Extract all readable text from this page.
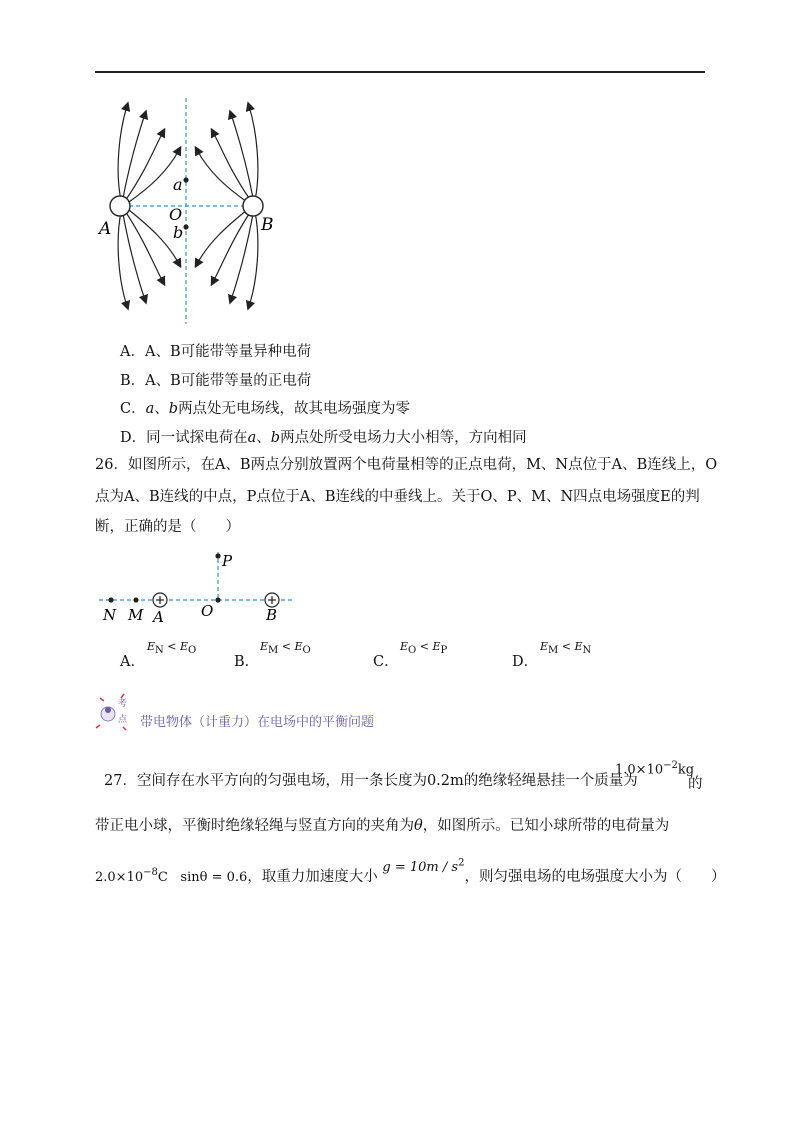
a
O
b
A	B
A．A、B可能带等量异种电荷
B．A、B可能带等量的正电荷
C．a、b两点处无电场线，故其电场强度为零
D．同一试探电荷在a、b两点处所受电场力大小相等，方向相同
26．如图所示，在A、B两点分别放置两个电荷量相等的正点电荷，M、N点位于A、B连线上，O
点为A、B连线的中点，P点位于A、B连线的中垂线上。关于O、P、M、N四点电场强度E的判
断，正确的是（　　）
N M A O	B
P
A．
$E_N < E_O$
B．
$E_M < E_O$
C．
$E_O < E_P$
D．
$E_M < E_N$
考
点 带电物体（计重力）在电场中的平衡问题
27．空间存在水平方向的匀强电场，用一条长度为0.2m的绝缘轻绳悬挂一个质量为
$1.0\times 10^{-2}kg$
的
带正电小球，平衡时绝缘轻绳与竖直方向的夹角为θ，如图所示。已知小球所带的电荷量为
$2.0\times 10^{-8}C$ sinθ = 0.6，取重力加速度大小 $g = 10m / s^2$，则匀强电场的电场强度大小为（　　）
